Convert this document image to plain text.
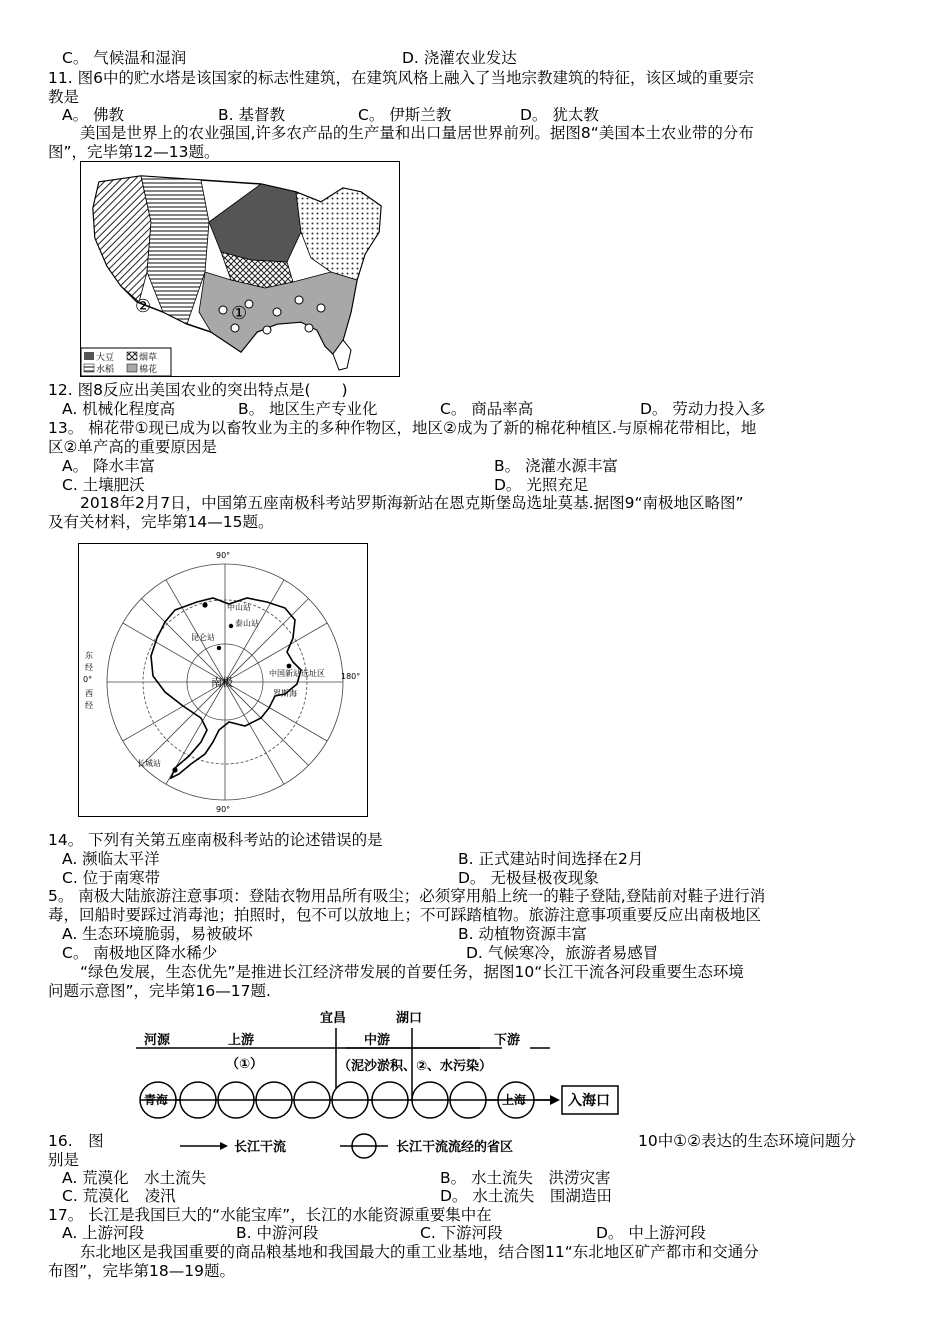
C。 气候温和湿润	D. 浇灌农业发达
11. 图6中的贮水塔是该国家的标志性建筑，在建筑风格上融入了当地宗教建筑的特征，该区域的重要宗
教是
A。 佛教	B. 基督教	C。 伊斯兰教	D。 犹太教
美国是世界上的农业强国,许多农产品的生产量和出口量居世界前列。据图8“美国本土农业带的分布
图”，完毕第12—13题。
①
②
大豆	烟草
水稻	棉花
12. 图8反应出美国农业的突出特点是(　　)
A. 机械化程度高	B。 地区生产专业化	C。 商品率高	D。 劳动力投入多
13。 棉花带①现已成为以畜牧业为主的多种作物区，地区②成为了新的棉花种植区.与原棉花带相比，地
区②单产高的重要原因是
A。 降水丰富	B。 浇灌水源丰富
C. 土壤肥沃	D。 光照充足
2018年2月7日，中国第五座南极科考站罗斯海新站在恩克斯堡岛选址莫基.据图9“南极地区略图”
及有关材料，完毕第14—15题。
90°
90°
180°
中山站
泰山站
昆仑站
中国新站选址区
罗斯海
长城站
南极
东
经
0°
西
经
14。 下列有关第五座南极科考站的论述错误的是
A. 濒临太平洋	B. 正式建站时间选择在2月
C. 位于南寒带	D。 无极昼极夜现象
5。 南极大陆旅游注意事项：登陆衣物用品所有吸尘；必须穿用船上统一的鞋子登陆,登陆前对鞋子进行消
毒，回船时要踩过消毒池；拍照时，包不可以放地上；不可踩踏植物。旅游注意事项重要反应出南极地区
A. 生态环境脆弱，易被破坏	B. 动植物资源丰富
C。 南极地区降水稀少	D. 气候寒冷，旅游者易感冒
“绿色发展，生态优先”是推进长江经济带发展的首要任务，据图10“长江干流各河段重要生态环境
问题示意图”，完毕第16—17题.
河源	上游
（①）
宜昌	湖口
中游	下游
（泥沙淤积、②、水污染）
青海	上海	入海口
长江干流	长江干流流经的省区
16.　图	10中①②表达的生态环境问题分
别是
A. 荒漠化　水土流失	B。 水土流失　洪涝灾害
C. 荒漠化　凌汛	D。 水土流失　围湖造田
17。 长江是我国巨大的“水能宝库”，长江的水能资源重要集中在
A. 上游河段	B. 中游河段	C. 下游河段	D。 中上游河段
东北地区是我国重要的商品粮基地和我国最大的重工业基地，结合图11“东北地区矿产都市和交通分
布图”，完毕第18—19题。
